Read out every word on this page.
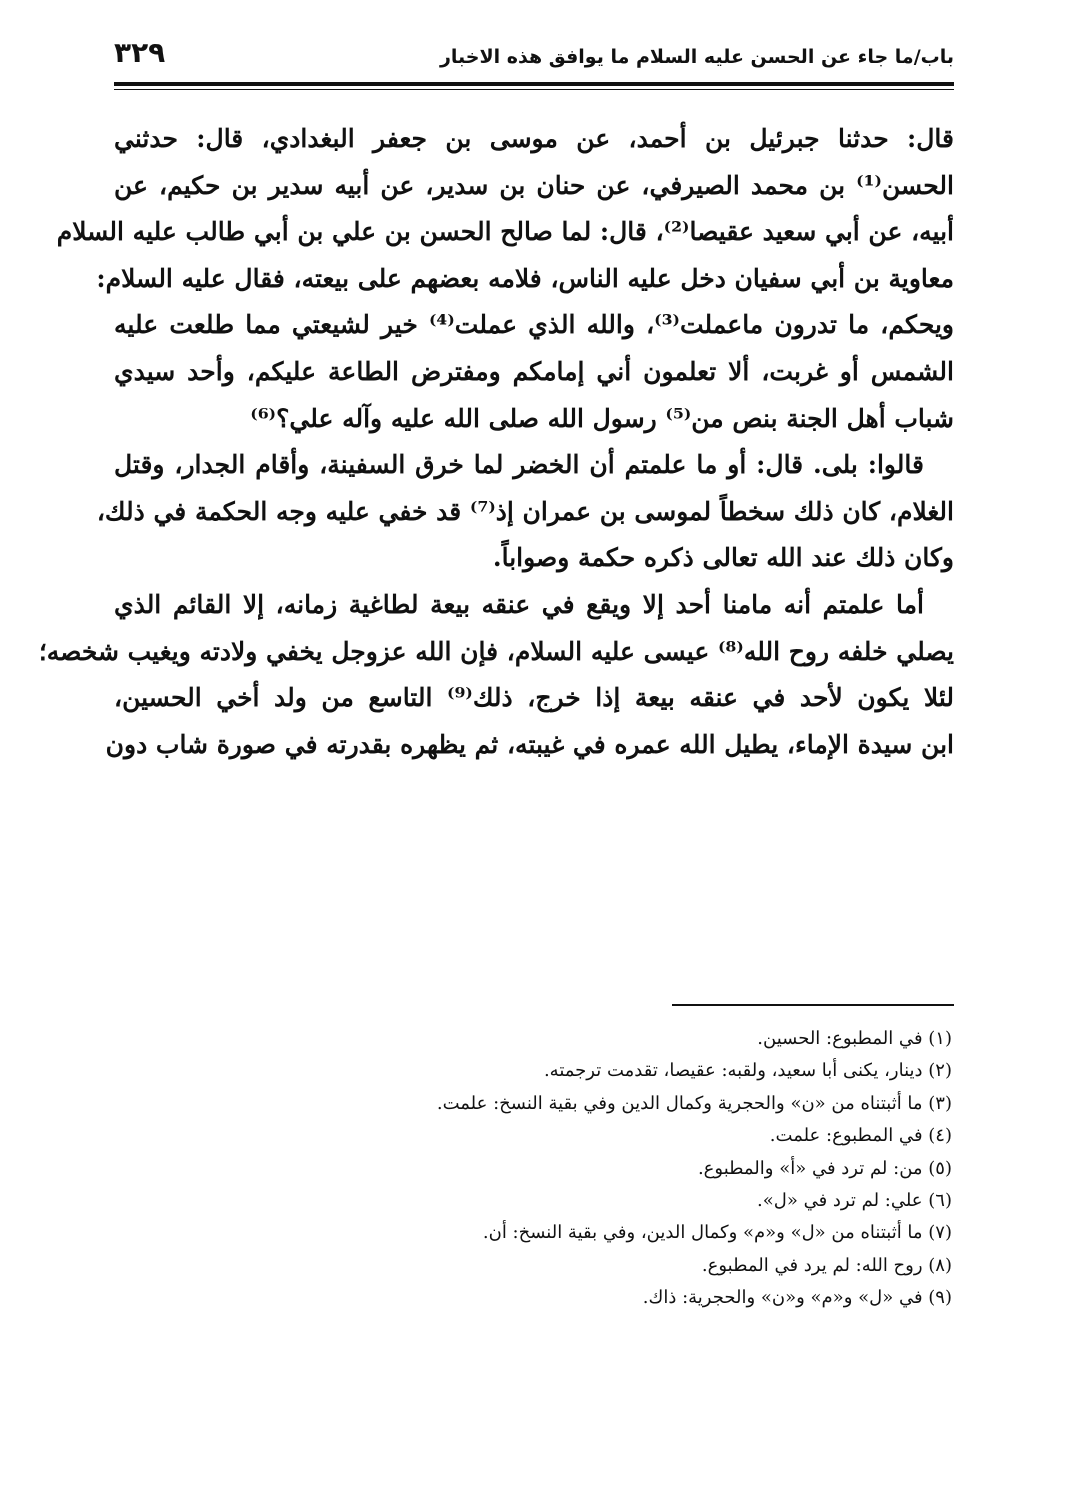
باب/ما جاء عن الحسن عليه السلام ما يوافق هذه الاخبار
٣٢٩
قال: حدثنا جبرئيل بن أحمد، عن موسى بن جعفر البغدادي، قال: حدثني
الحسن⁽¹⁾ بن محمد الصيرفي، عن حنان بن سدير، عن أبيه سدير بن حكيم، عن
أبيه، عن أبي سعيد عقيصا⁽²⁾، قال: لما صالح الحسن بن علي بن أبي طالب عليه السلام
معاوية بن أبي سفيان دخل عليه الناس، فلامه بعضهم على بيعته، فقال عليه السلام:
ويحكم، ما تدرون ماعملت⁽³⁾، والله الذي عملت⁽⁴⁾ خير لشيعتي مما طلعت عليه
الشمس أو غربت، ألا تعلمون أني إمامكم ومفترض الطاعة عليكم، وأحد سيدي
شباب أهل الجنة بنص من⁽⁵⁾ رسول الله صلى الله عليه وآله علي؟⁽⁶⁾
قالوا: بلى. قال: أو ما علمتم أن الخضر لما خرق السفينة، وأقام الجدار، وقتل
الغلام، كان ذلك سخطاً لموسى بن عمران إذ⁽⁷⁾ قد خفي عليه وجه الحكمة في ذلك،
وكان ذلك عند الله تعالى ذكره حكمة وصواباً.
أما علمتم أنه مامنا أحد إلا ويقع في عنقه بيعة لطاغية زمانه، إلا القائم الذي
يصلي خلفه روح الله⁽⁸⁾ عيسى عليه السلام، فإن الله عزوجل يخفي ولادته ويغيب شخصه؛
لئلا يكون لأحد في عنقه بيعة إذا خرج، ذلك⁽⁹⁾ التاسع من ولد أخي الحسين،
ابن سيدة الإماء، يطيل الله عمره في غيبته، ثم يظهره بقدرته في صورة شاب دون
(١) في المطبوع: الحسين.
(٢) دينار، يكنى أبا سعيد، ولقبه: عقيصا، تقدمت ترجمته.
(٣) ما أثبتناه من «ن» والحجرية وكمال الدين وفي بقية النسخ: علمت.
(٤) في المطبوع: علمت.
(٥) من: لم ترد في «أ» والمطبوع.
(٦) علي: لم ترد في «ل».
(٧) ما أثبتناه من «ل» و«م» وكمال الدين، وفي بقية النسخ: أن.
(٨) روح الله: لم يرد في المطبوع.
(٩) في «ل» و«م» و«ن» والحجرية: ذاك.
